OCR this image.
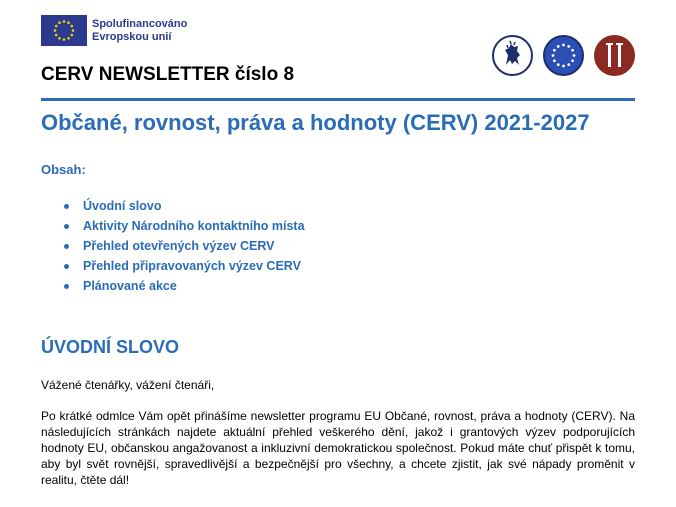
Spolufinancováno
Evropskou unií
CERV NEWSLETTER číslo 8
Občané, rovnost, práva a hodnoty (CERV) 2021-2027
Obsah:
Úvodní slovo
Aktivity Národního kontaktního místa
Přehled otevřených výzev CERV
Přehled připravovaných výzev CERV
Plánované akce
ÚVODNÍ SLOVO
Vážené čtenářky, vážení čtenáři,
Po krátké odmlce Vám opět přinášíme newsletter programu EU Občané, rovnost, práva a hodnoty (CERV). Na následujících stránkách najdete aktuální přehled veškerého dění, jakož i grantových výzev podporujících hodnoty EU, občanskou angažovanost a inkluzivní demokratickou společnost. Pokud máte chuť přispět k tomu, aby byl svět rovnější, spravedlivější a bezpečnější pro všechny, a chcete zjistit, jak své nápady proměnit v realitu, čtěte dál!
